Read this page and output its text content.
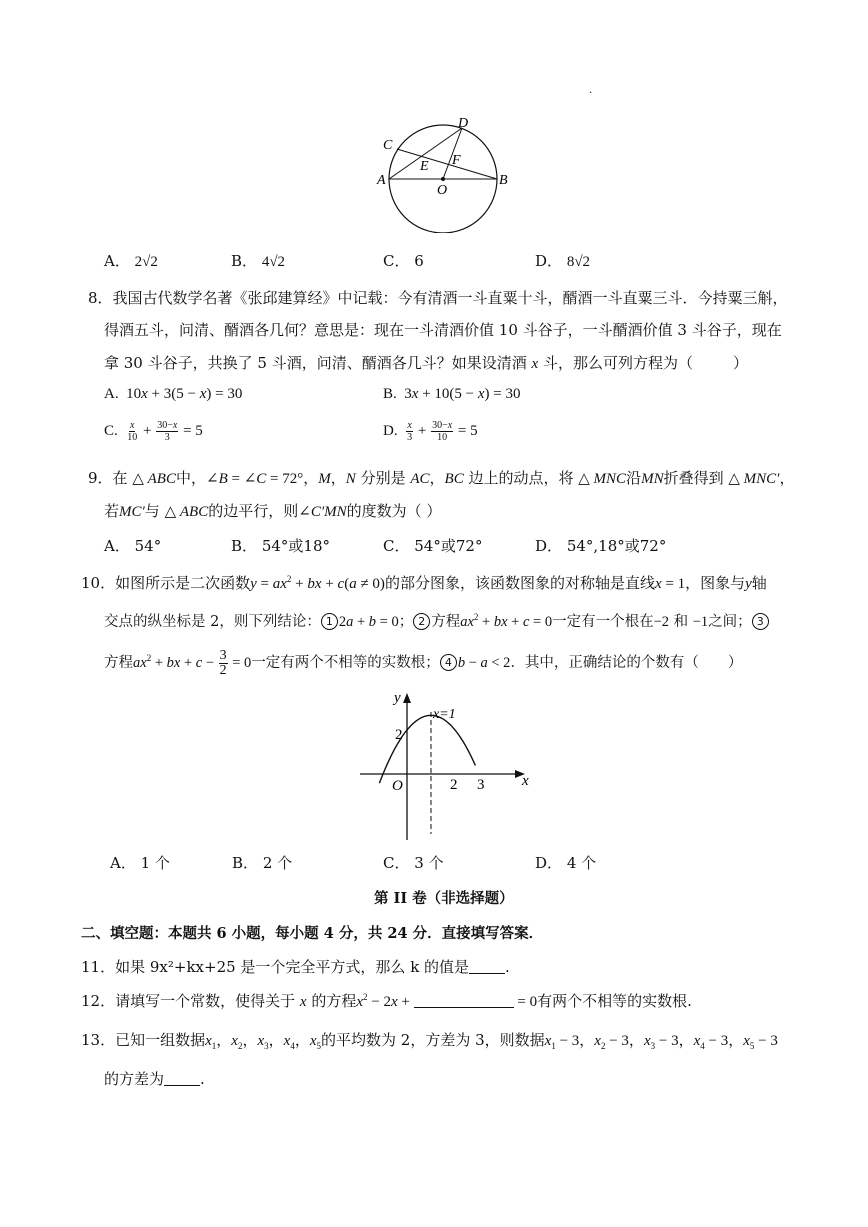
.
C
D
E F
A
O
B
A． 2√2	B． 4√2	C． 6	D． 8√2
8．我国古代数学名著《张邱建算经》中记载：今有清酒一斗直粟十斗，醑酒一斗直粟三斗．今持粟三斛，
得酒五斗，问清、醑酒各几何？意思是：现在一斗清酒价值 10 斗谷子，一斗醑酒价值 3 斗谷子，现在
拿 30 斗谷子，共换了 5 斗酒，问清、醑酒各几斗？如果设清酒 x 斗，那么可列方程为（	）
A.  10x + 3(5 − x) = 30	B.  3x + 10(5 − x) = 30
C. $\frac{x}{10} + \frac{30-x}{3} = 5$	D. $\frac{x}{3} + \frac{30-x}{10} = 5$
9．在 △ ABC中，∠B = ∠C = 72°，M，N 分别是 AC，BC 边上的动点，将 △ MNC沿MN折叠得到 △ MNC′，
若MC′与 △ ABC的边平行，则∠C′MN的度数为（ ）
A． 54°	B． 54°或18°	C． 54°或72°	D． 54°,18°或72°
10．如图所示是二次函数$y = ax^2$ + bx + c(a ≠ 0)的部分图象，该函数图象的对称轴是直线x = 1，图象与y轴
交点的纵坐标是 2，则下列结论： 1 2a + b = 0； 2 方程$ax^2$ + bx + c = 0一定有一个根在−2 和 −1之间； 3
方程$ax^2$ + bx + $c - \frac{3}{2} = 0$一定有两个不相等的实数根； 4 b − a < 2．其中，正确结论的个数有（　　）
y
x
x=1
2
O	2 3
A． 1 个	B． 2 个	C． 3 个	D． 4 个
第 II 卷（非选择题）
二、填空题：本题共 6 小题，每小题 4 分，共 24 分．直接填写答案．
11．如果 9x²+kx+25 是一个完全平方式，那么 k 的值是 .
12．请填写一个常数，使得关于 x 的方程$x^2 - 2x$ +	= 0有两个不相等的实数根.
13．已知一组数据$x_1$，$x_2$，$x_3$，$x_4$，$x_5$的平均数为 2，方差为 3，则数据$x_1 - 3$，$x_2 - 3$，$x_3 - 3$，$x_4 - 3$，$x_5 - 3$
的方差为 .
